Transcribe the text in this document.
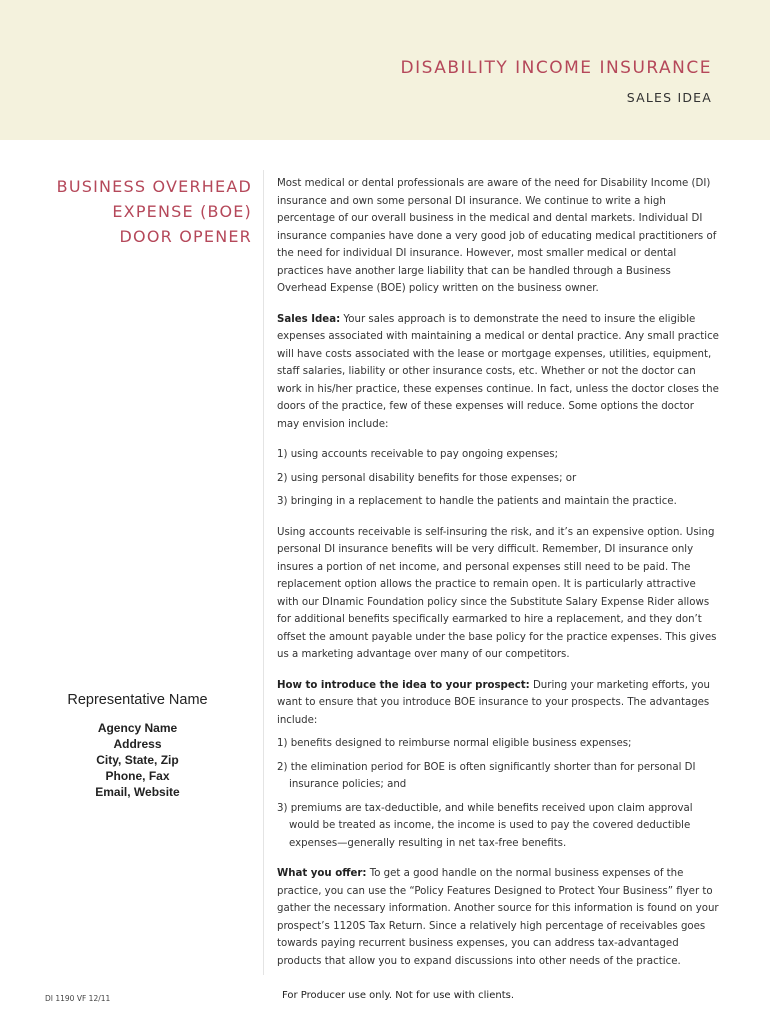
DISABILITY INCOME INSURANCE
SALES IDEA
BUSINESS OVERHEAD
EXPENSE (BOE)
DOOR OPENER
Representative Name
Agency Name
Address
City, State, Zip
Phone, Fax
Email, Website

Most medical or dental professionals are aware of the need for Disability Income (DI) insurance and own some personal DI insurance. We continue to write a high percentage of our overall business in the medical and dental markets. Individual DI insurance companies have done a very good job of educating medical practitioners of the need for individual DI insurance. However, most smaller medical or dental practices have another large liability that can be handled through a Business Overhead Expense (BOE) policy written on the business owner.

Sales Idea: Your sales approach is to demonstrate the need to insure the eligible expenses associated with maintaining a medical or dental practice. Any small practice will have costs associated with the lease or mortgage expenses, utilities, equipment, staff salaries, liability or other insurance costs, etc. Whether or not the doctor can work in his/her practice, these expenses continue. In fact, unless the doctor closes the doors of the practice, few of these expenses will reduce. Some options the doctor may envision include:

1) using accounts receivable to pay ongoing expenses;

2) using personal disability benefits for those expenses; or

3) bringing in a replacement to handle the patients and maintain the practice.

Using accounts receivable is self-insuring the risk, and it’s an expensive option. Using personal DI insurance benefits will be very difficult. Remember, DI insurance only insures a portion of net income, and personal expenses still need to be paid. The replacement option allows the practice to remain open. It is particularly attractive with our DInamic Foundation policy since the Substitute Salary Expense Rider allows for additional benefits specifically earmarked to hire a replacement, and they don’t offset the amount payable under the base policy for the practice expenses. This gives us a marketing advantage over many of our competitors.

How to introduce the idea to your prospect: During your marketing efforts, you want to ensure that you introduce BOE insurance to your prospects. The advantages include:

1) benefits designed to reimburse normal eligible business expenses;

2) the elimination period for BOE is often significantly shorter than for personal DI insurance policies; and

3) premiums are tax-deductible, and while benefits received upon claim approval would be treated as income, the income is used to pay the covered deductible expenses—generally resulting in net tax-free benefits.

What you offer: To get a good handle on the normal business expenses of the practice, you can use the “Policy Features Designed to Protect Your Business” flyer to gather the necessary information. Another source for this information is found on your prospect’s 1120S Tax Return. Since a relatively high percentage of receivables goes towards paying recurrent business expenses, you can address tax-advantaged products that allow you to expand discussions into other needs of the practice.

DI 1190 VF 12/11	For Producer use only. Not for use with clients.
